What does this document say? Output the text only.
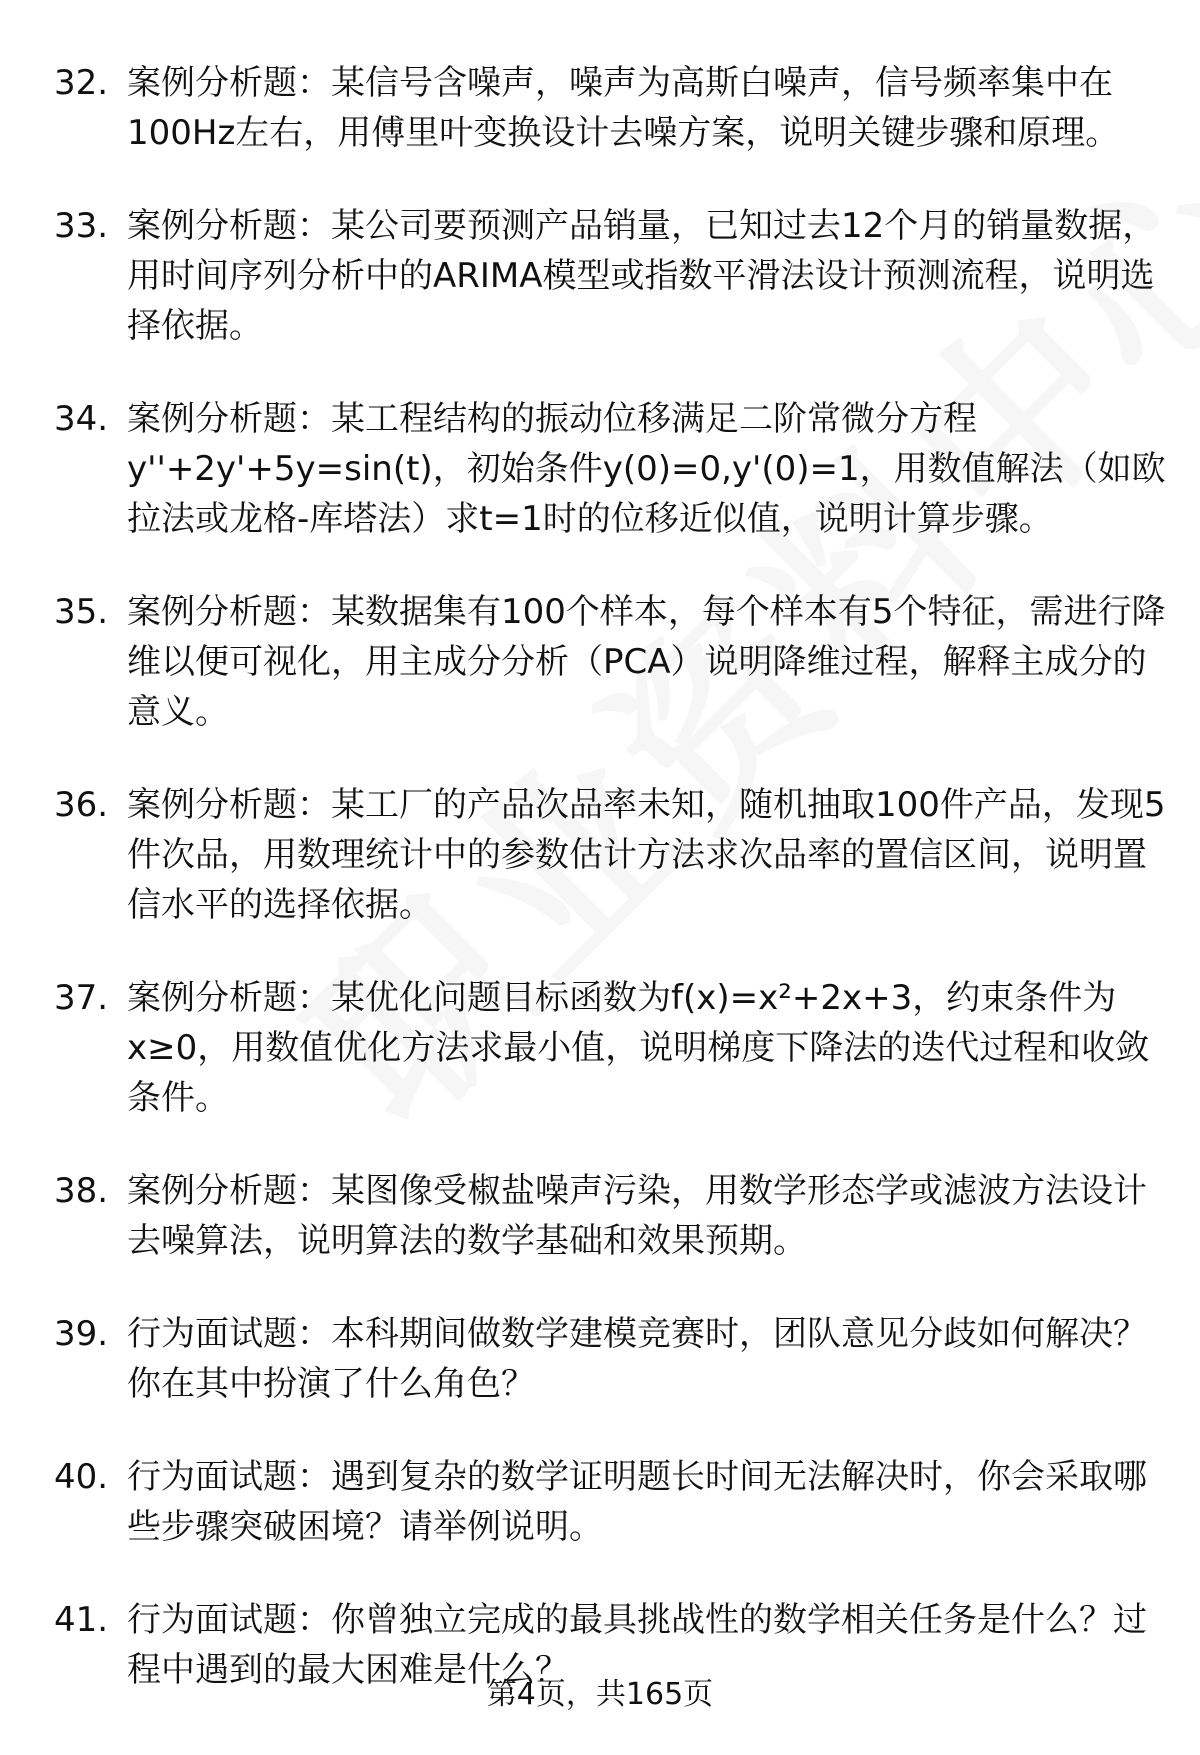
32. 案例分析题：某信号含噪声，噪声为高斯白噪声，信号频率集中在100Hz左右，用傅里叶变换设计去噪方案，说明关键步骤和原理。
33. 案例分析题：某公司要预测产品销量，已知过去12个月的销量数据，用时间序列分析中的ARIMA模型或指数平滑法设计预测流程，说明选择依据。
34. 案例分析题：某工程结构的振动位移满足二阶常微分方程y''+2y'+5y=sin(t)，初始条件y(0)=0,y'(0)=1，用数值解法（如欧拉法或龙格-库塔法）求t=1时的位移近似值，说明计算步骤。
35. 案例分析题：某数据集有100个样本，每个样本有5个特征，需进行降维以便可视化，用主成分分析（PCA）说明降维过程，解释主成分的意义。
36. 案例分析题：某工厂的产品次品率未知，随机抽取100件产品，发现5件次品，用数理统计中的参数估计方法求次品率的置信区间，说明置信水平的选择依据。
37. 案例分析题：某优化问题目标函数为f(x)=x²+2x+3，约束条件为x≥0，用数值优化方法求最小值，说明梯度下降法的迭代过程和收敛条件。
38. 案例分析题：某图像受椒盐噪声污染，用数学形态学或滤波方法设计去噪算法，说明算法的数学基础和效果预期。
39. 行为面试题：本科期间做数学建模竞赛时，团队意见分歧如何解决？你在其中扮演了什么角色？
40. 行为面试题：遇到复杂的数学证明题长时间无法解决时，你会采取哪些步骤突破困境？请举例说明。
41. 行为面试题：你曾独立完成的最具挑战性的数学相关任务是什么？过程中遇到的最大困难是什么？
第4页，共165页
